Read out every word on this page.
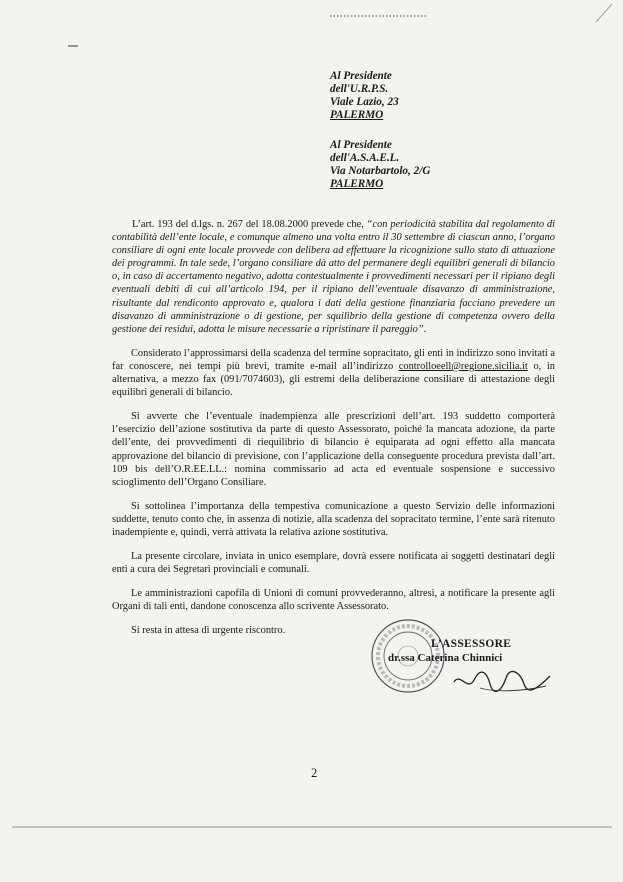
Al Presidente
dell'U.R.P.S.
Viale Lazio, 23
PALERMO
Al Presidente
dell'A.S.A.E.L.
Via Notarbartolo, 2/G
PALERMO

L’art. 193 del d.lgs. n. 267 del 18.08.2000 prevede che, “con periodicità stabilita dal regolamento di contabilità dell’ente locale, e comunque almeno una volta entro il 30 settembre di ciascun anno, l’organo consiliare di ogni ente locale provvede con delibera ad effettuare la ricognizione sullo stato di attuazione dei programmi. In tale sede, l’organo consiliare dà atto del permanere degli equilibri generali di bilancio o, in caso di accertamento negativo, adotta contestualmente i provvedimenti necessari per il ripiano degli eventuali debiti di cui all’articolo 194, per il ripiano dell’eventuale disavanzo di amministrazione, risultante dal rendiconto approvato e, qualora i dati della gestione finanziaria facciano prevedere un disavanzo di amministrazione o di gestione, per squilibrio della gestione di competenza ovvero della gestione dei residui, adotta le misure necessarie a ripristinare il pareggio”.

Considerato l’approssimarsi della scadenza del termine sopracitato, gli enti in indirizzo sono invitati a far conoscere, nei tempi più brevi, tramite e-mail all’indirizzo controlloeell@regione.sicilia.it o, in alternativa, a mezzo fax (091/7074603), gli estremi della deliberazione consiliare di attestazione degli equilibri generali di bilancio.

Si avverte che l’eventuale inadempienza alle prescrizioni dell’art. 193 suddetto comporterà l’esercizio dell’azione sostitutiva da parte di questo Assessorato, poiché la mancata adozione, da parte dell’ente, dei provvedimenti di riequilibrio di bilancio è equiparata ad ogni effetto alla mancata approvazione del bilancio di previsione, con l’applicazione della conseguente procedura prevista dall’art. 109 bis dell’O.R.EE.LL.: nomina commissario ad acta ed eventuale sospensione e successivo scioglimento dell’Organo Consiliare.

Si sottolinea l’importanza della tempestiva comunicazione a questo Servizio delle informazioni suddette, tenuto conto che, in assenza di notizie, alla scadenza del sopracitato termine, l’ente sarà ritenuto inadempiente e, quindi, verrà attivata la relativa azione sostitutiva.

La presente circolare, inviata in unico esemplare, dovrà essere notificata ai soggetti destinatari degli enti a cura dei Segretari provinciali e comunali.

Le amministrazioni capofila di Unioni di comuni provvederanno, altresì, a notificare la presente agli Organi di tali enti, dandone conoscenza allo scrivente Assessorato.

Si resta in attesa di urgente riscontro.

L’ASSESSORE
dr.ssa Caterina Chinnici
2
